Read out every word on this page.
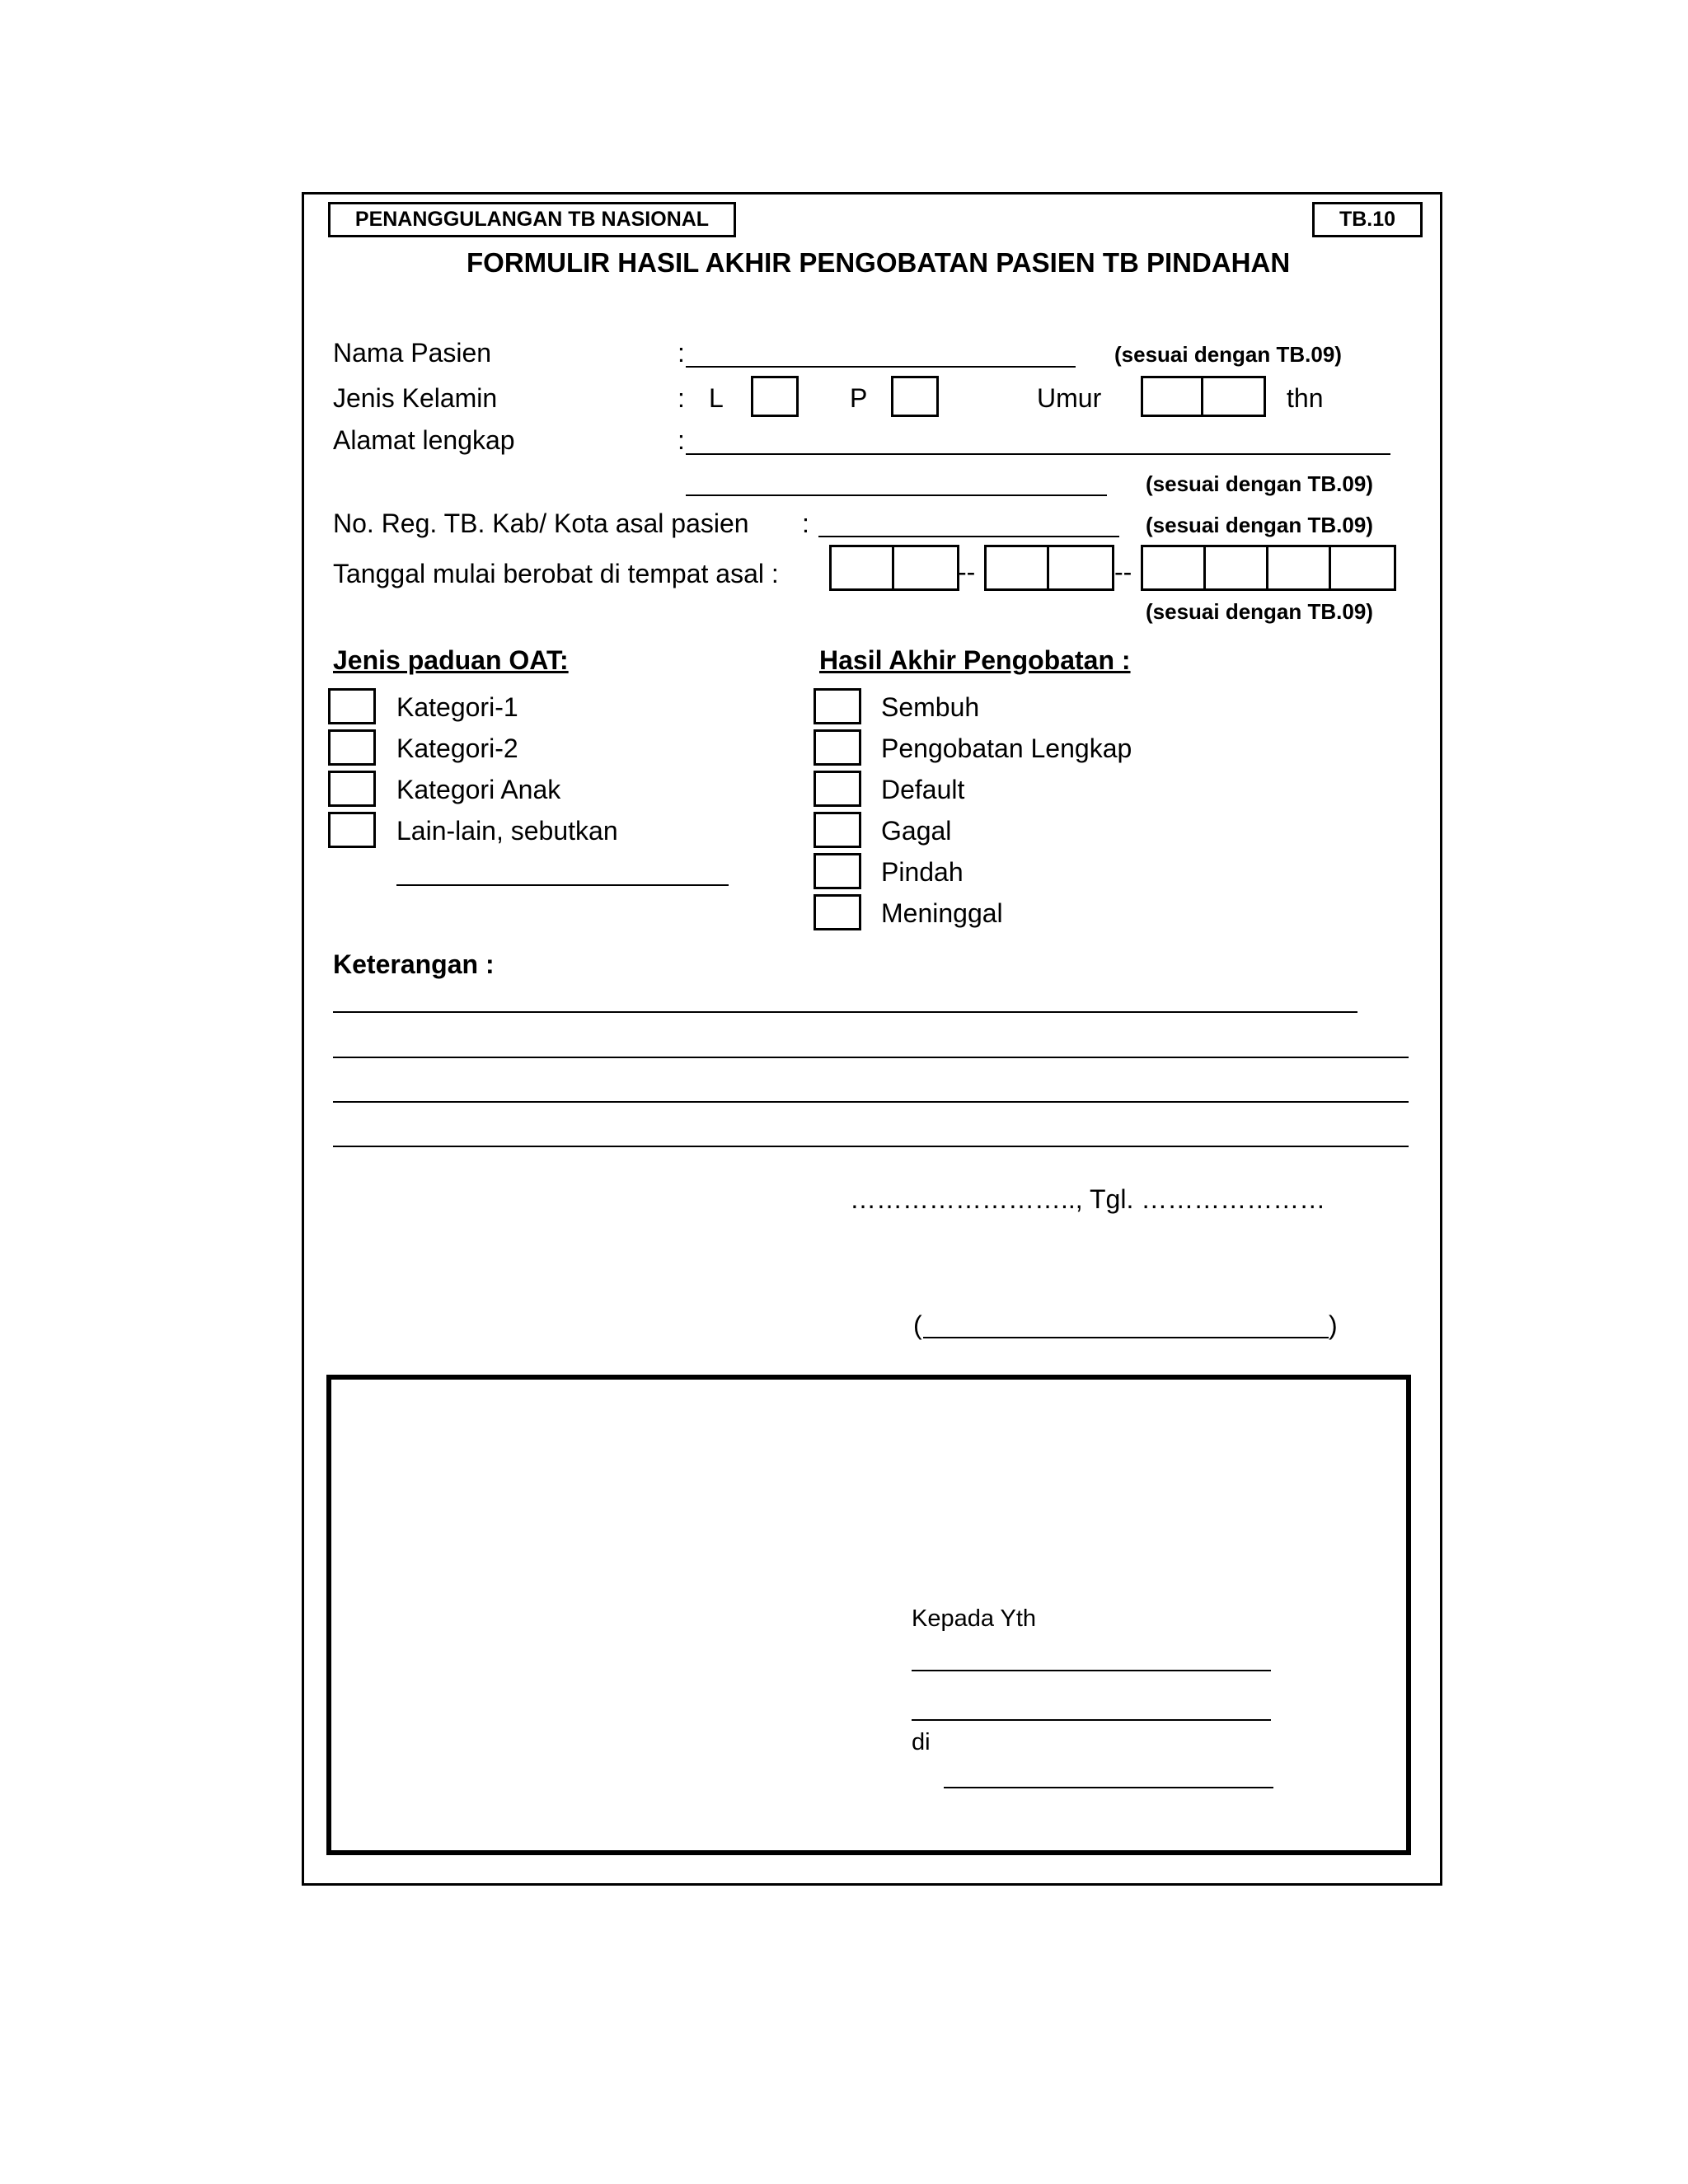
PENANGGULANGAN TB NASIONAL	TB.10
FORMULIR HASIL AKHIR PENGOBATAN PASIEN TB PINDAHAN
Nama Pasien	:	(sesuai dengan TB.09)
Jenis Kelamin	: L	P	Umur	thn
Alamat lengkap	:
(sesuai dengan TB.09)
No. Reg. TB. Kab/ Kota asal pasien :	(sesuai dengan TB.09)
Tanggal mulai berobat di tempat asal :	--	--
(sesuai dengan TB.09)
Jenis paduan OAT:
Kategori-1
Kategori-2
Kategori Anak
Lain-lain, sebutkan
Hasil Akhir Pengobatan :
Sembuh
Pengobatan Lengkap
Default
Gagal
Pindah
Meninggal
Keterangan :
…………………….., Tgl. …………………
(	)
Kepada Yth
di
